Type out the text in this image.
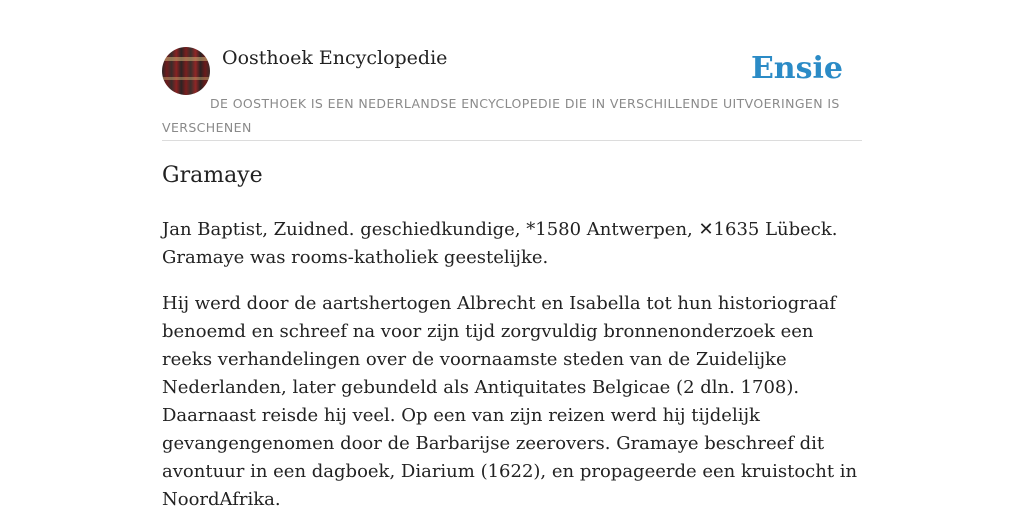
Oosthoek Encyclopedie	Ensie
DE OOSTHOEK IS EEN NEDERLANDSE ENCYCLOPEDIE DIE IN VERSCHILLENDE UITVOERINGEN IS VERSCHENEN
Gramaye

Jan Baptist, Zuidned. geschiedkundige, *1580 Antwerpen, ✕1635 Lübeck. Gramaye was rooms-katholiek geestelijke.

Hij werd door de aartshertogen Albrecht en Isabella tot hun historiograaf benoemd en schreef na voor zijn tijd zorgvuldig bronnenonderzoek een reeks verhandelingen over de voornaamste steden van de Zuidelijke Nederlanden, later gebundeld als Antiquitates Belgicae (2 dln. 1708). Daarnaast reisde hij veel. Op een van zijn reizen werd hij tijdelijk gevangengenomen door de Barbarijse zeerovers. Gramaye beschreef dit avontuur in een dagboek, Diarium (1622), en propageerde een kruistocht in NoordAfrika.
